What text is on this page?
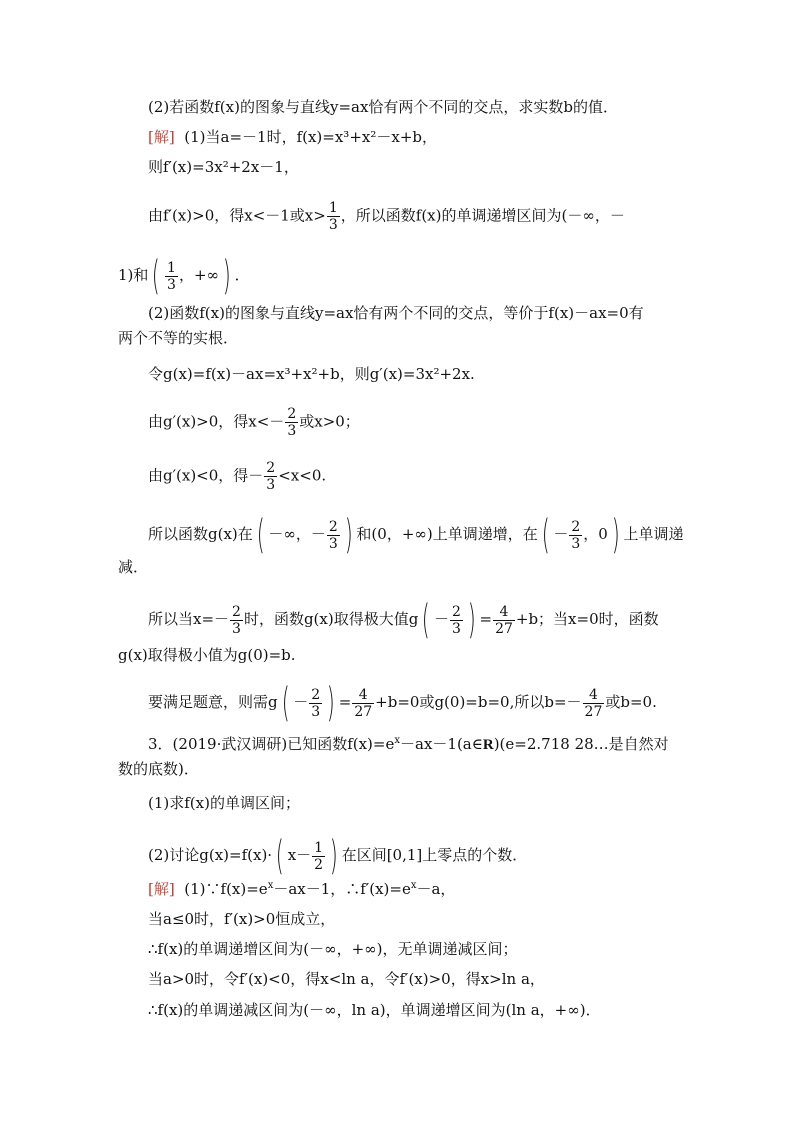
(2)若函数f(x)的图象与直线y=ax恰有两个不同的交点，求实数b的值．
[解] (1)当a=－1时，f(x)=x³+x²－x+b，
则f′(x)=3x²+2x－1，
由f′(x)>0，得x<－1或$x> \frac{1}{3}$ ，所以函数f(x)的单调递增区间为(－∞，－
1)和( $\frac{1}{3}$ ，+∞) ．
(2)函数f(x)的图象与直线y=ax恰有两个不同的交点，等价于f(x)－ax=0有
两个不等的实根．
令g(x)=f(x)－ax=x³+x²+b，则g′(x)=3x²+2x.
由g′(x)>0，得$x<- \frac{2}{3}$ 或x>0；
由g′(x)<0，得－ $\frac{2}{3} <x<0$.
所以函数g(x)在( －∞，－ $\frac{2}{3}$ ) 和(0，+∞)上单调递增，在( － $\frac{2}{3}$ ，0) 上单调递
减．
所以当$x=- \frac{2}{3}$ 时，函数g(x)取得极大值$g( - \frac{2}{3}$ ) = $\frac{4}{27} +b$；当x=0时，函数
g(x)取得极小值为g(0)=b.
要满足题意，则需$g( - \frac{2}{3}$ ) = $\frac{4}{27} +b=0$或g(0)=b=0,所以$b=- \frac{4}{27}$ 或b=0.
3．(2019·武汉调研)已知函数$f(x)=e^x-ax-1(a\in R)(e=2.718$ 28…是自然对
数的底数)．
(1)求f(x)的单调区间；
(2)讨论g(x)=f(x)·( $x- \frac{1}{2}$ ) 在区间[0,1]上零点的个数．
[解] $(1)\because f(x)=e^x-ax-1$，$\therefore f'(x)=e^x-a$，
当a≤0时，f′(x)>0恒成立，
∴f(x)的单调递增区间为(－∞，+∞)，无单调递减区间；
当a>0时，令f′(x)<0，得x<ln a，令f′(x)>0，得x>ln a，
∴f(x)的单调递减区间为(－∞，ln a)，单调递增区间为(ln a，+∞)．
